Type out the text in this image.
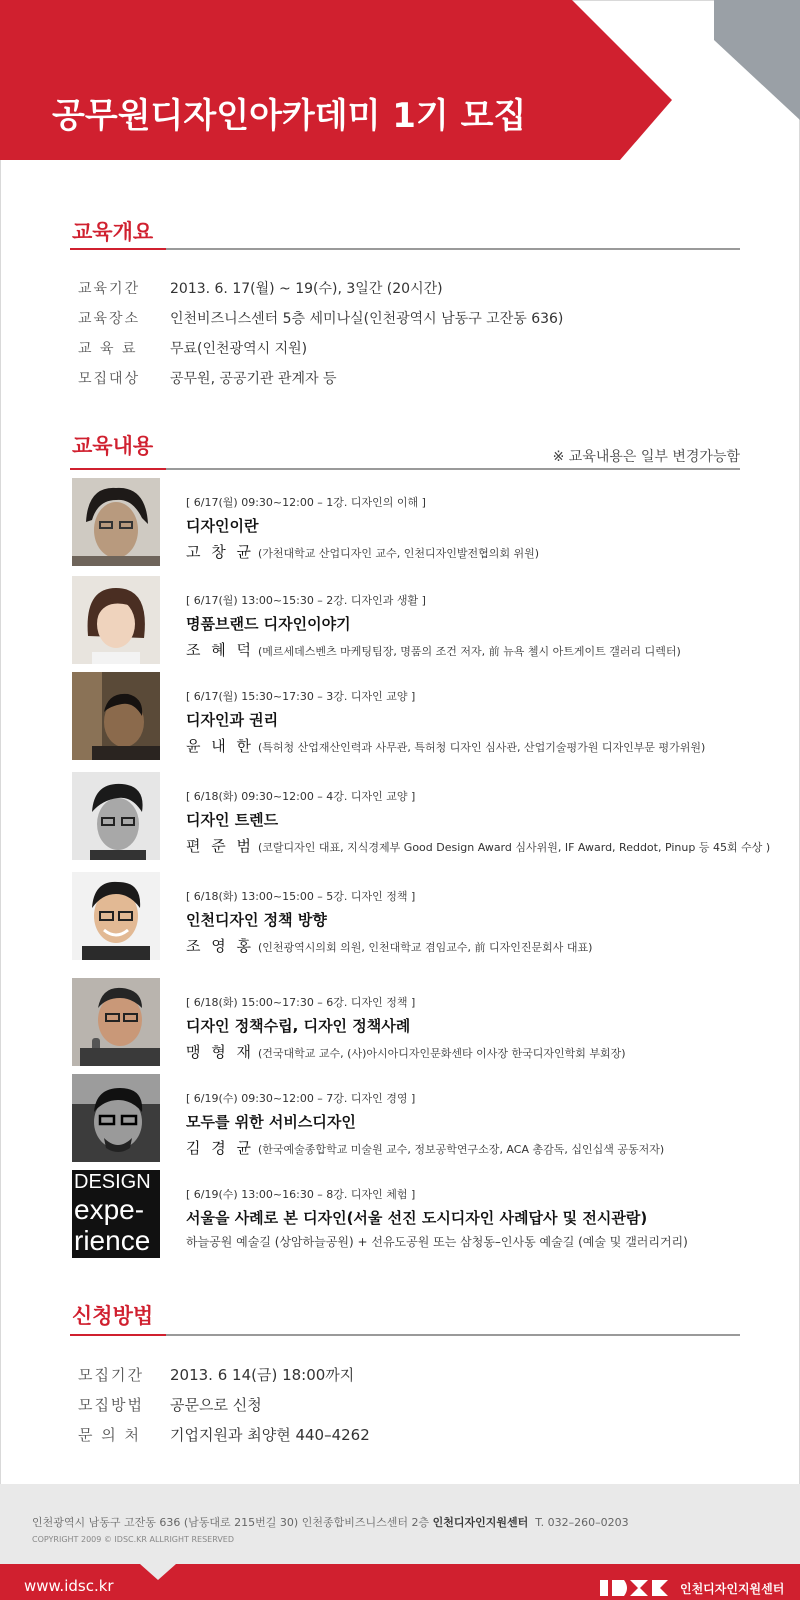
공무원디자인아카데미 1기 모집
교육개요
교육기간	2013. 6. 17(월) ~ 19(수), 3일간 (20시간)
교육장소	인천비즈니스센터 5층 세미나실(인천광역시 남동구 고잔동 636)
교 육 료	무료(인천광역시 지원)
모집대상	공무원, 공공기관 관계자 등
교육내용	※ 교육내용은 일부 변경가능함
[ 6/17(월) 09:30~12:00 – 1강. 디자인의 이해 ]
디자인이란
고 창 균 (가천대학교 산업디자인 교수, 인천디자인발전협의회 위원)
[ 6/17(월) 13:00~15:30 – 2강. 디자인과 생활 ]
명품브랜드 디자인이야기
조 혜 덕 (메르세데스벤츠 마케팅팀장, 명품의 조건 저자, 前 뉴욕 첼시 아트게이트 갤러리 디렉터)
[ 6/17(월) 15:30~17:30 – 3강. 디자인 교양 ]
디자인과 권리
윤 내 한 (특허청 산업재산인력과 사무관, 특허청 디자인 심사관, 산업기술평가원 디자인부문 평가위원)
[ 6/18(화) 09:30~12:00 – 4강. 디자인 교양 ]
디자인 트렌드
편 준 범 (코랄디자인 대표, 지식경제부 Good Design Award 심사위원, IF Award, Reddot, Pinup 등 45회 수상 )
[ 6/18(화) 13:00~15:00 – 5강. 디자인 정책 ]
인천디자인 정책 방향
조 영 홍 (인천광역시의회 의원, 인천대학교 겸임교수, 前 디자인진문회사 대표)
[ 6/18(화) 15:00~17:30 – 6강. 디자인 정책 ]
디자인 정책수립, 디자인 정책사례
맹 형 재 (건국대학교 교수, (사)아시아디자인문화센타 이사장 한국디자인학회 부회장)
[ 6/19(수) 09:30~12:00 – 7강. 디자인 경영 ]
모두를 위한 서비스디자인
김 경 균 (한국예술종합학교 미술원 교수, 정보공학연구소장, ACA 총감독, 십인십색 공동저자)
DESIGN
expe-
rience
[ 6/19(수) 13:00~16:30 – 8강. 디자인 체험 ]
서울을 사례로 본 디자인(서울 선진 도시디자인 사례답사 및 전시관람)
하늘공원 예술길 (상암하늘공원) + 선유도공원 또는 삼청동–인사동 예술길 (예술 및 갤러리거리)
신청방법
모집기간	2013. 6 14(금) 18:00까지
모집방법	공문으로 신청
문 의 처	기업지원과 최양현 440–4262
인천광역시 남동구 고잔동 636 (남동대로 215번길 30) 인천종합비즈니스센터 2층 인천디자인지원센터 T. 032–260–0203
COPYRIGHT 2009 © IDSC.KR ALLRIGHT RESERVED
www.idsc.kr	인천디자인지원센터
